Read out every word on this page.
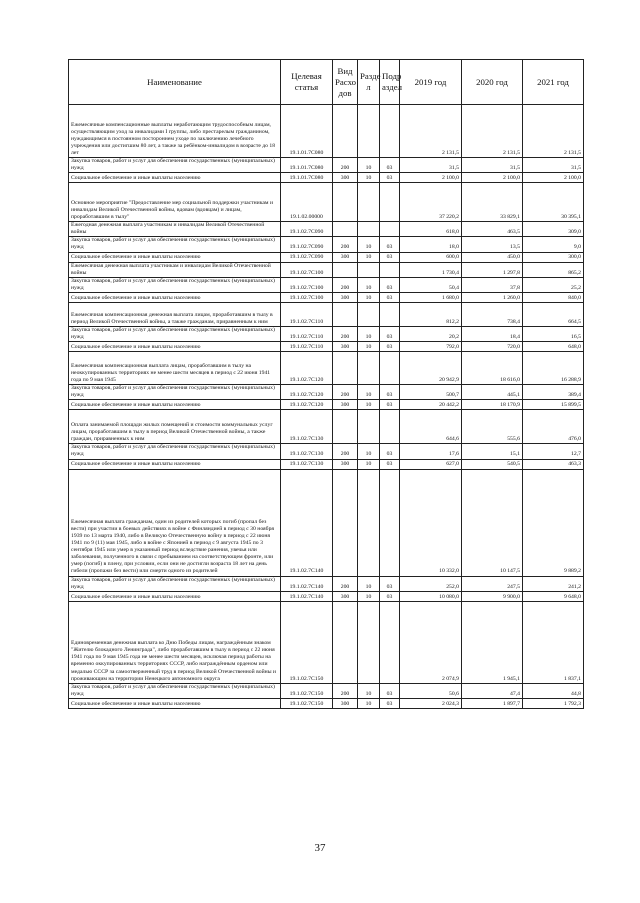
Наименование	Целевая статья	Вид Расхо дов	Разде л	Подр аздел	2019 год	2020 год	2021 год
Ежемесячные компенсационные выплаты неработающим трудоспособным лицам, осуществляющим уход за инвалидами I группы, либо престарелым гражданином, нуждающимся в постоянном постороннем уходе по заключению лечебного учреждения или достигшим 80 лет, а также за ребёнком-инвалидом в возрасте до 18 лет	19.1.01.7С080				2 131,5	2 131,5	2 131,5
Закупка товаров, работ и услуг для обеспечения государственных (муниципальных) нужд	19.1.01.7С080	200	10	03	31,5	31,5	31,5
Социальное обеспечение и иные выплаты населению	19.1.01.7С080	300	10	03	2 100,0	2 100,0	2 100,0
Основное мероприятие "Предоставление мер социальной поддержки участникам и инвалидам Великой Отечественной войны, вдовам (вдовцам) и лицам, проработавшим в тылу"	19.1.02.00000				37 220,2	33 829,1	30 395,1
Ежегодная денежная выплата участникам и инвалидам Великой Отечественной войны	19.1.02.7С090				618,0	463,5	309,0
Закупка товаров, работ и услуг для обеспечения государственных (муниципальных) нужд	19.1.02.7С090	200	10	03	18,0	13,5	9,0
Социальное обеспечение и иные выплаты населению	19.1.02.7С090	300	10	03	600,0	450,0	300,0
Ежемесячная денежная выплата участникам и инвалидам Великой Отечественной войны	19.1.02.7С100				1 730,4	1 297,8	865,2
Закупка товаров, работ и услуг для обеспечения государственных (муниципальных) нужд	19.1.02.7С100	200	10	03	50,4	37,8	25,2
Социальное обеспечение и иные выплаты населению	19.1.02.7С100	300	10	03	1 680,0	1 260,0	840,0
Ежемесячная компенсационная денежная выплата лицам, проработавшим в тылу в период Великой Отечественной войны, а также гражданам, приравненным к ним	19.1.02.7С110				812,2	738,4	664,5
Закупка товаров, работ и услуг для обеспечения государственных (муниципальных) нужд	19.1.02.7С110	200	10	03	20,2	18,4	16,5
Социальное обеспечение и иные выплаты населению	19.1.02.7С110	300	10	03	792,0	720,0	648,0
Ежемесячная компенсационная выплата лицам, проработавшим в тылу на неоккупированных территориях не менее шести месяцев в период с 22 июня 1941 года по 9 мая 1945	19.1.02.7С120				20 942,9	18 616,0	16 288,9
Закупка товаров, работ и услуг для обеспечения государственных (муниципальных) нужд	19.1.02.7С120	200	10	03	500,7	445,1	389,4
Социальное обеспечение и иные выплаты населению	19.1.02.7С120	300	10	03	20 442,2	18 170,9	15 899,5
Оплата занимаемой площади жилых помещений и стоимости коммунальных услуг лицам, проработавшим в тылу в период Великой Отечественной войны, а также граждан, приравненных к ним	19.1.02.7С130				644,6	555,6	476,0
Закупка товаров, работ и услуг для обеспечения государственных (муниципальных) нужд	19.1.02.7С130	200	10	03	17,6	15,1	12,7
Социальное обеспечение и иные выплаты населению	19.1.02.7С130	300	10	03	627,0	540,5	463,3
Ежемесячная выплата гражданам, один из родителей которых погиб (пропал без вести) при участии в боевых действиях в войне с Финляндией в период с 30 ноября 1939 по 13 марта 1940, либо в Великую Отечественную войну в период с 22 июня 1941 по 9 (11) мая 1945, либо в войне с Японией в период с 9 августа 1945 по 3 сентября 1945 или умер в указанный период вследствие ранения, увечья или заболевания, полученного в связи с пребыванием на соответствующем фронте, или умер (погиб) в плену, при условии, если они не достигли возраста 18 лет на день гибели (пропажи без вести) или смерти одного из родителей	19.1.02.7С140				10 332,0	10 147,5	9 889,2
Закупка товаров, работ и услуг для обеспечения государственных (муниципальных) нужд	19.1.02.7С140	200	10	03	252,0	247,5	241,2
Социальное обеспечение и иные выплаты населению	19.1.02.7С140	300	10	03	10 080,0	9 900,0	9 648,0
Единовременная денежная выплата ко Дню Победы лицам, награждённым знаком "Жителю блокадного Ленинграда", либо проработавшим в тылу в период с 22 июня 1941 года по 9 мая 1945 года не менее шести месяцев, исключая период работы на временно оккупированных территориях СССР, либо награждённым орденом или медалью СССР за самоотверженный труд в период Великой Отечественной войны и проживающим на территории Ненецкого автономного округа	19.1.02.7С150				2 074,9	1 945,1	1 837,1
Закупка товаров, работ и услуг для обеспечения государственных (муниципальных) нужд	19.1.02.7С150	200	10	03	50,6	47,4	44,8
Социальное обеспечение и иные выплаты населению	19.1.02.7С150	300	10	03	2 024,3	1 897,7	1 792,3
37
